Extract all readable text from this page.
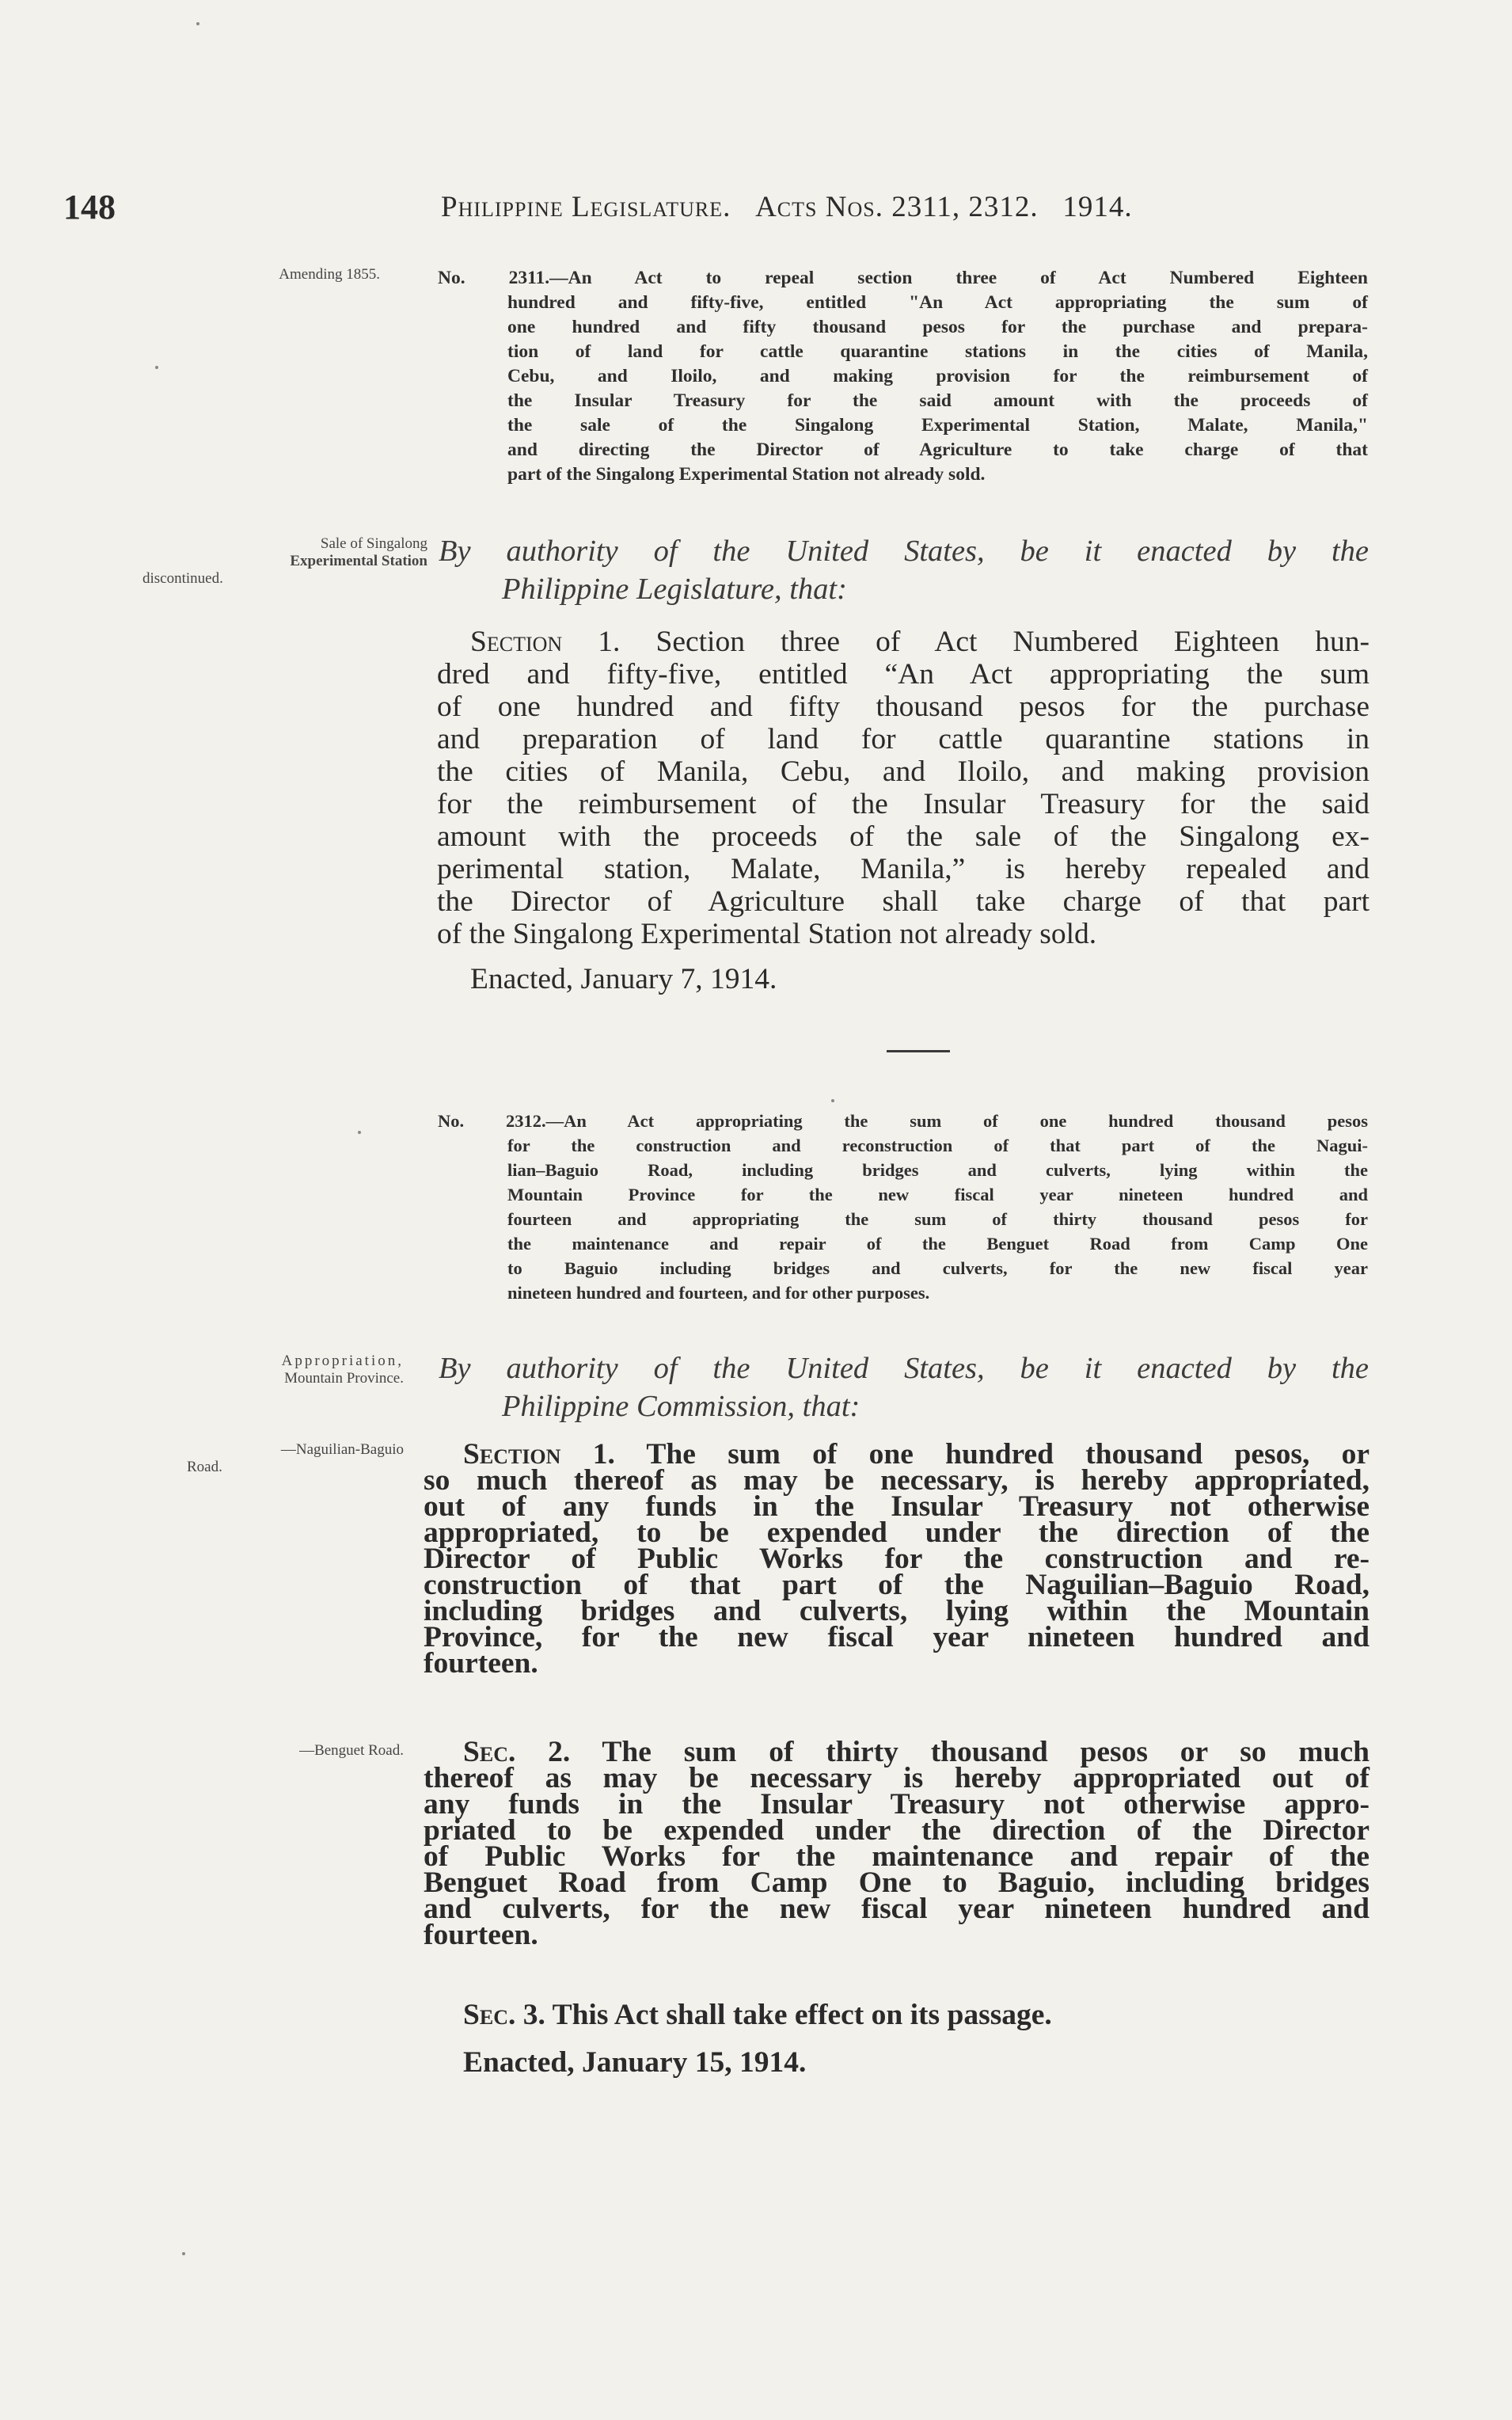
148	Philippine Legislature. Acts Nos. 2311, 2312. 1914.
Amending 1855.	No. 2311.—An Act to repeal section three of Act Numbered Eighteen
hundred and fifty-five, entitled "An Act appropriating the sum of
one hundred and fifty thousand pesos for the purchase and prepara-
tion of land for cattle quarantine stations in the cities of Manila,
Cebu, and Iloilo, and making provision for the reimbursement of
the Insular Treasury for the said amount with the proceeds of
the sale of the Singalong Experimental Station, Malate, Manila,"
and directing the Director of Agriculture to take charge of that
part of the Singalong Experimental Station not already sold.
Sale of Singalong
Experimental Station
discontinued.
By authority of the United States, be it enacted by the
Philippine Legislature, that:
Section 1. Section three of Act Numbered Eighteen hun-
dred and fifty-five, entitled “An Act appropriating the sum
of one hundred and fifty thousand pesos for the purchase
and preparation of land for cattle quarantine stations in
the cities of Manila, Cebu, and Iloilo, and making provision
for the reimbursement of the Insular Treasury for the said
amount with the proceeds of the sale of the Singalong ex-
perimental station, Malate, Manila,” is hereby repealed and
the Director of Agriculture shall take charge of that part
of the Singalong Experimental Station not already sold.
Enacted, January 7, 1914.
No. 2312.—An Act appropriating the sum of one hundred thousand pesos
for the construction and reconstruction of that part of the Nagui-
lian–Baguio Road, including bridges and culverts, lying within the
Mountain Province for the new fiscal year nineteen hundred and
fourteen and appropriating the sum of thirty thousand pesos for
the maintenance and repair of the Benguet Road from Camp One
to Baguio including bridges and culverts, for the new fiscal year
nineteen hundred and fourteen, and for other purposes.
Appropriation,
Mountain Province. By authority of the United States, be it enacted by the
Philippine Commission, that:
—Naguilian-Baguio
Road.	Section 1. The sum of one hundred thousand pesos, or
so much thereof as may be necessary, is hereby appropriated,
out of any funds in the Insular Treasury not otherwise
appropriated, to be expended under the direction of the
Director of Public Works for the construction and re-
construction of that part of the Naguilian–Baguio Road,
including bridges and culverts, lying within the Mountain
Province, for the new fiscal year nineteen hundred and
fourteen.
—Benguet Road.	Sec. 2. The sum of thirty thousand pesos or so much
thereof as may be necessary is hereby appropriated out of
any funds in the Insular Treasury not otherwise appro-
priated to be expended under the direction of the Director
of Public Works for the maintenance and repair of the
Benguet Road from Camp One to Baguio, including bridges
and culverts, for the new fiscal year nineteen hundred and
fourteen.
Sec. 3. This Act shall take effect on its passage.
Enacted, January 15, 1914.
